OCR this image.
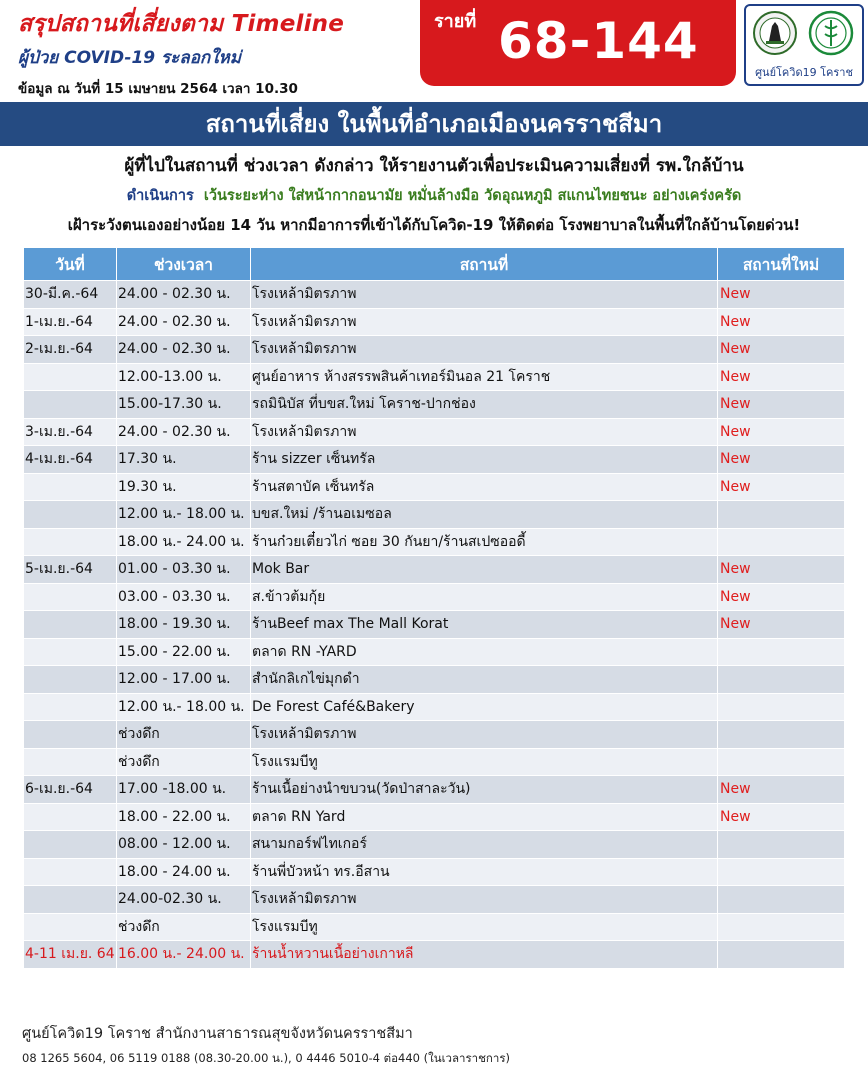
สรุปสถานที่เสี่ยงตาม Timeline
ผู้ป่วย COVID-19 ระลอกใหม่
ข้อมูล ณ วันที่ 15 เมษายน 2564 เวลา 10.30
รายที่ 68-144
ศูนย์โควิด19 โคราช
สถานที่เสี่ยง ในพื้นที่อำเภอเมืองนครราชสีมา
ผู้ที่ไปในสถานที่ ช่วงเวลา ดังกล่าว ให้รายงานตัวเพื่อประเมินความเสี่ยงที่ รพ.ใกล้บ้าน
ดำเนินการ เว้นระยะห่าง ใส่หน้ากากอนามัย หมั่นล้างมือ วัดอุณหภูมิ สแกนไทยชนะ อย่างเคร่งครัด
เฝ้าระวังตนเองอย่างน้อย 14 วัน หากมีอาการที่เข้าได้กับโควิด-19 ให้ติดต่อ โรงพยาบาลในพื้นที่ใกล้บ้านโดยด่วน!
วันที่	ช่วงเวลา	สถานที่	สถานที่ใหม่
30-มี.ค.-64	24.00 - 02.30 น.	โรงเหล้ามิตรภาพ	New
1-เม.ย.-64	24.00 - 02.30 น.	โรงเหล้ามิตรภาพ	New
2-เม.ย.-64	24.00 - 02.30 น.	โรงเหล้ามิตรภาพ	New
	12.00-13.00 น.	ศูนย์อาหาร ห้างสรรพสินค้าเทอร์มินอล 21 โคราช	New
	15.00-17.30 น.	รถมินิบัส ที่บขส.ใหม่ โคราช-ปากช่อง	New
3-เม.ย.-64	24.00 - 02.30 น.	โรงเหล้ามิตรภาพ	New
4-เม.ย.-64	17.30 น.	ร้าน sizzer เซ็นทรัล	New
	19.30 น.	ร้านสตาบัค เซ็นทรัล	New
	12.00 น.- 18.00 น.	บขส.ใหม่ /ร้านอเมซอล	
	18.00 น.- 24.00 น.	ร้านก๋วยเตี๋ยวไก่ ซอย 30 กันยา/ร้านสเปซออดี้	
5-เม.ย.-64	01.00 - 03.30 น.	Mok Bar	New
	03.00 - 03.30 น.	ส.ข้าวต้มกุ้ย	New
	18.00 - 19.30 น.	ร้านBeef max The Mall Korat	New
	15.00 - 22.00 น.	ตลาด RN -YARD	
	12.00 - 17.00 น.	สำนักลิเกไข่มุกดำ	
	12.00 น.- 18.00 น.	De Forest Café&Bakery	
	ช่วงดึก	โรงเหล้ามิตรภาพ	
	ช่วงดึก	โรงแรมบีทู	
6-เม.ย.-64	17.00 -18.00 น.	ร้านเนื้อย่างนำขบวน(วัดป่าสาละวัน)	New
	18.00 - 22.00 น.	ตลาด RN Yard	New
	08.00 - 12.00 น.	สนามกอร์ฟไทเกอร์	
	18.00 - 24.00 น.	ร้านพี่บัวหน้า ทร.อีสาน	
	24.00-02.30 น.	โรงเหล้ามิตรภาพ	
	ช่วงดึก	โรงแรมบีทู	
4-11 เม.ย. 64	16.00 น.- 24.00 น.	ร้านน้ำหวานเนื้อย่างเกาหลี	
ศูนย์โควิด19 โคราช สำนักงานสาธารณสุขจังหวัดนครราชสีมา
08 1265 5604, 06 5119 0188 (08.30-20.00 น.), 0 4446 5010-4 ต่อ440 (ในเวลาราชการ)
